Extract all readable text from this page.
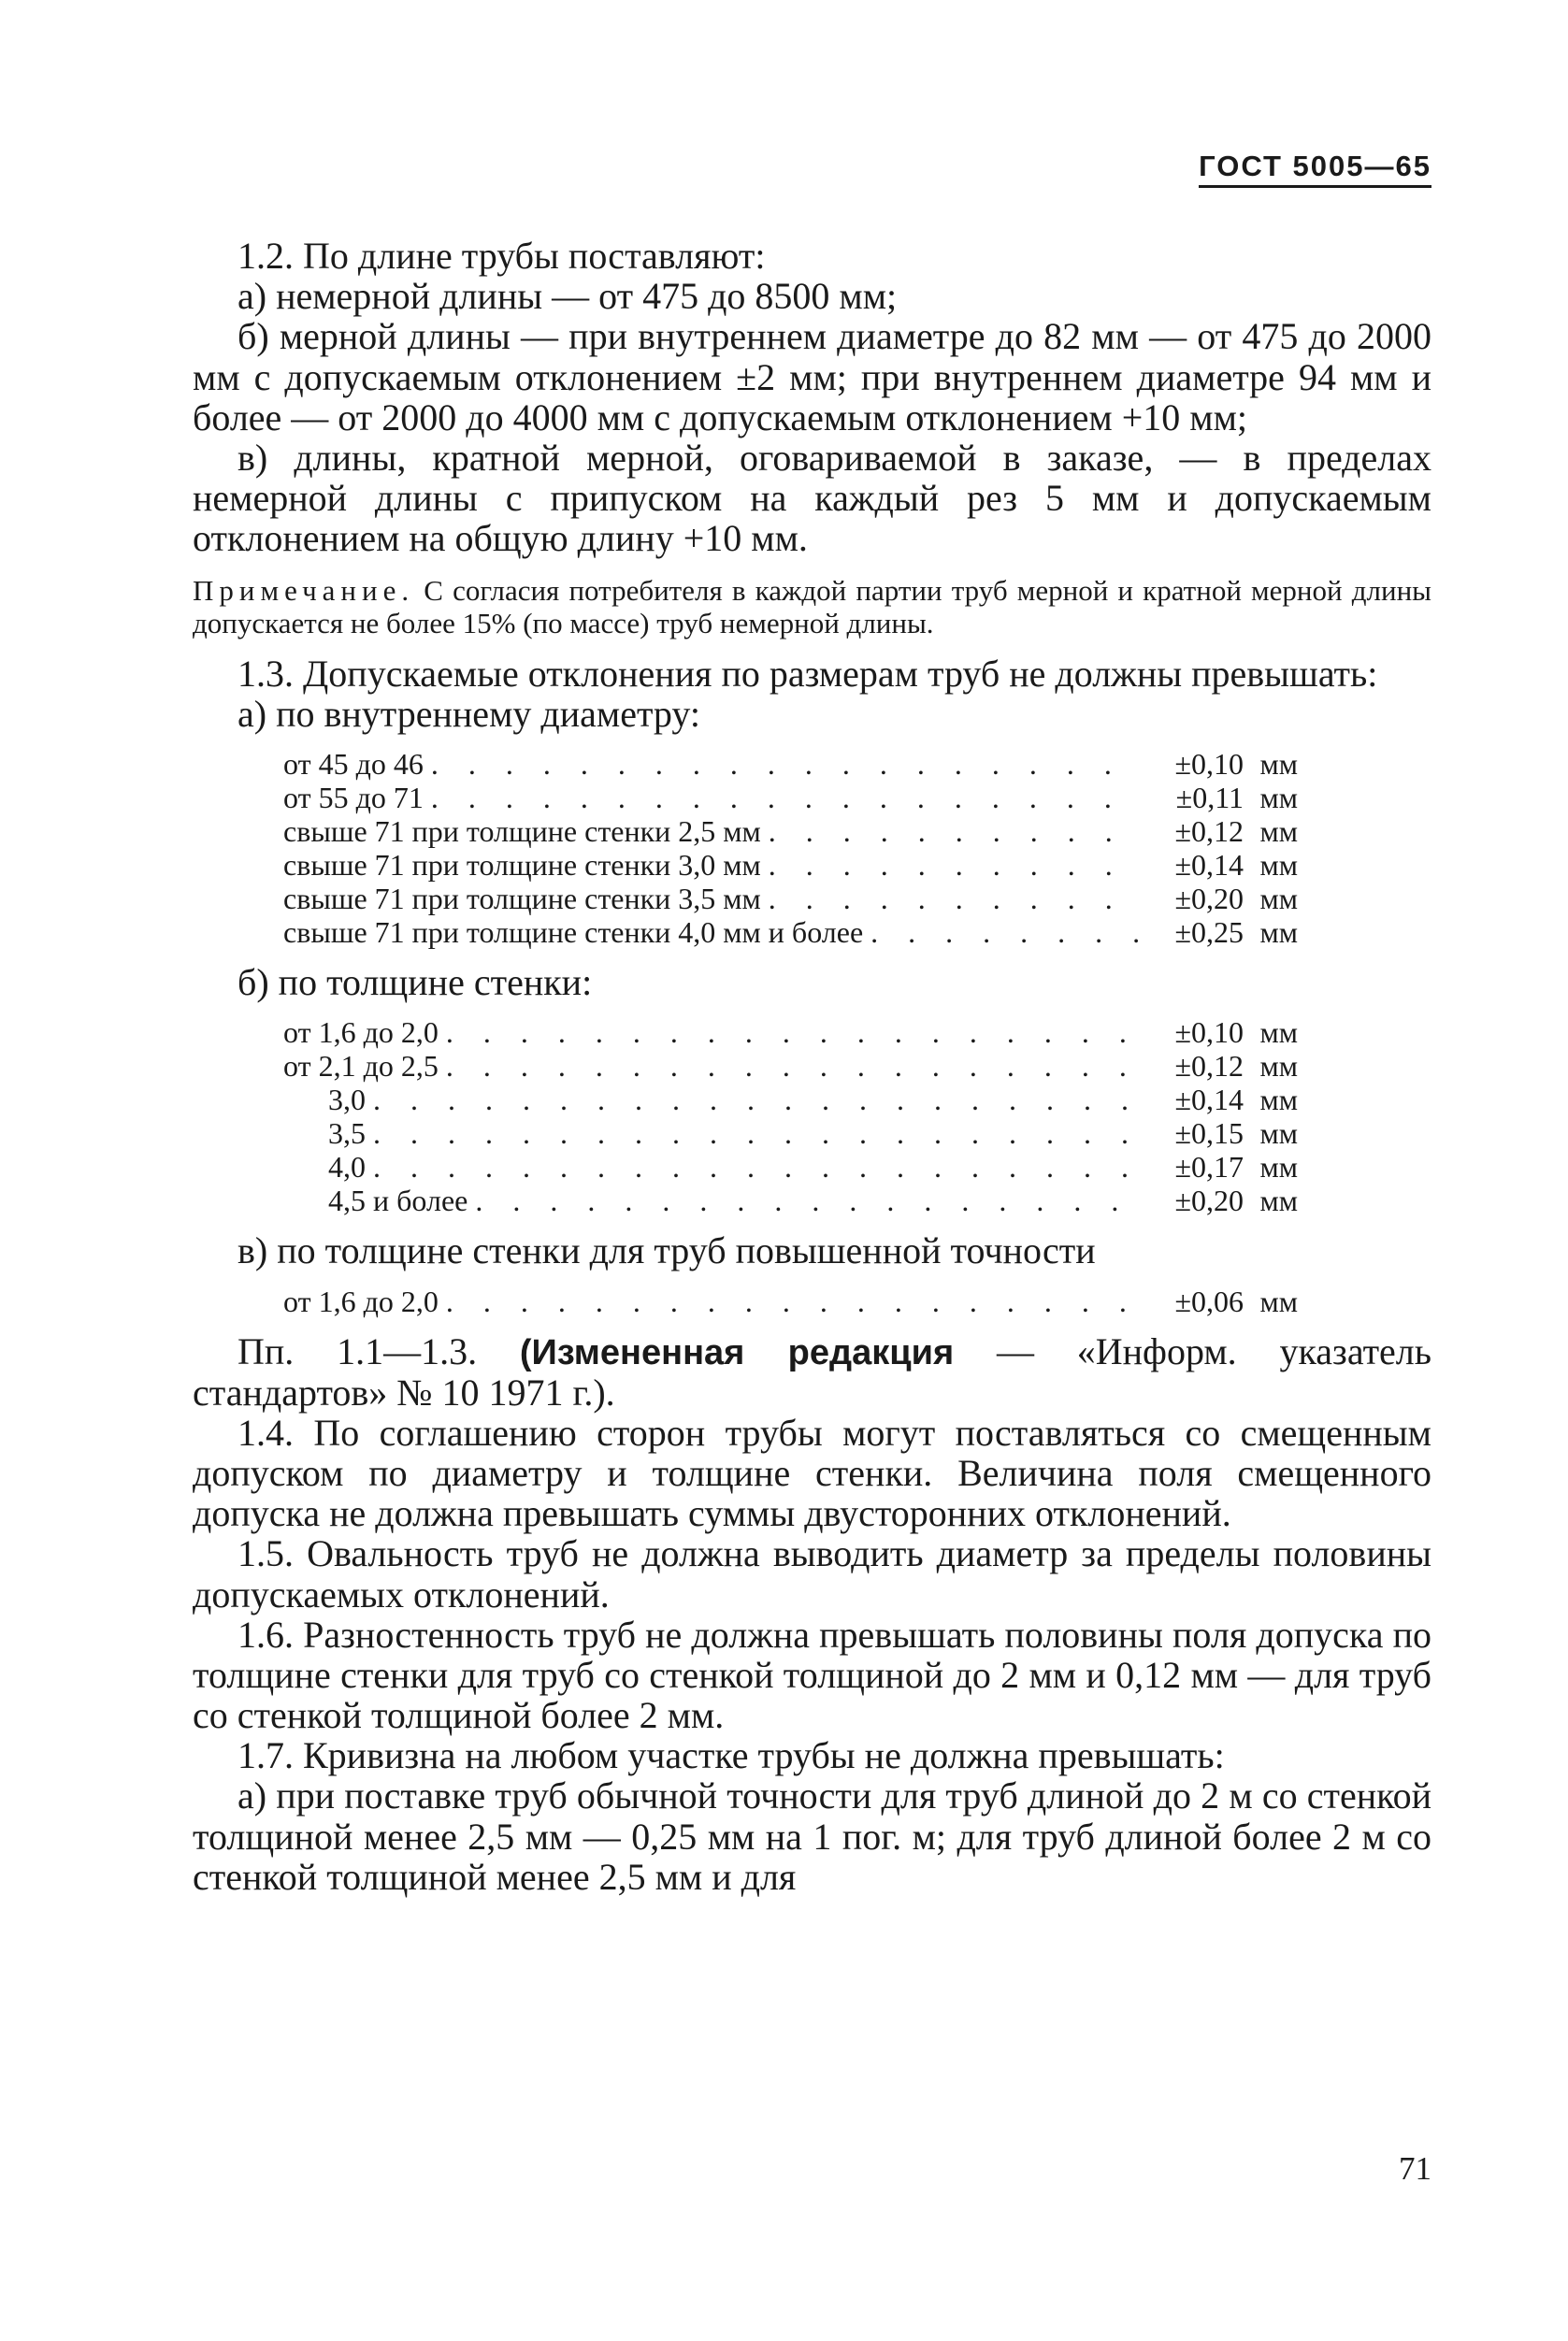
ГОСТ 5005—65

1.2. По длине трубы поставляют:

а) немерной длины — от 475 до 8500 мм;

б) мерной длины — при внутреннем диаметре до 82 мм — от 475 до 2000 мм с допускаемым отклонением ±2 мм; при внутреннем диаметре 94 мм и более — от 2000 до 4000 мм с допускаемым отклонением +10 мм;

в) длины, кратной мерной, оговариваемой в заказе, — в пределах немерной длины с припуском на каждый рез 5 мм и допускаемым отклонением на общую длину +10 мм.

Примечание. С согласия потребителя в каждой партии труб мерной и кратной мерной длины допускается не более 15% (по массе) труб немерной длины.

1.3. Допускаемые отклонения по размерам труб не должны превышать:

а) по внутреннему диаметру:

от 45 до 46 . . .	±0,10 мм
от 55 до 71 . . .	±0,11 мм
свыше 71 при толщине стенки 2,5 мм . . .	±0,12 мм
свыше 71 при толщине стенки 3,0 мм . . .	±0,14 мм
свыше 71 при толщине стенки 3,5 мм . . .	±0,20 мм
свыше 71 при толщине стенки 4,0 мм и более . . .	±0,25 мм

б) по толщине стенки:

от 1,6 до 2,0 . . .	±0,10 мм
от 2,1 до 2,5 . . .	±0,12 мм
3,0 . . .	±0,14 мм
3,5 . . .	±0,15 мм
4,0 . . .	±0,17 мм
4,5 и более . . .	±0,20 мм

в) по толщине стенки для труб повышенной точности

от 1,6 до 2,0 . . .	±0,06 мм

Пп. 1.1—1.3. (Измененная редакция — «Информ. указатель стандартов» № 10 1971 г.).

1.4. По соглашению сторон трубы могут поставляться со смещенным допуском по диаметру и толщине стенки. Величина поля смещенного допуска не должна превышать суммы двусторонних отклонений.

1.5. Овальность труб не должна выводить диаметр за пределы половины допускаемых отклонений.

1.6. Разностенность труб не должна превышать половины поля допуска по толщине стенки для труб со стенкой толщиной до 2 мм и 0,12 мм — для труб со стенкой толщиной более 2 мм.

1.7. Кривизна на любом участке трубы не должна превышать:

а) при поставке труб обычной точности для труб длиной до 2 м со стенкой толщиной менее 2,5 мм — 0,25 мм на 1 пог. м; для труб длиной более 2 м со стенкой толщиной менее 2,5 мм и для

71
